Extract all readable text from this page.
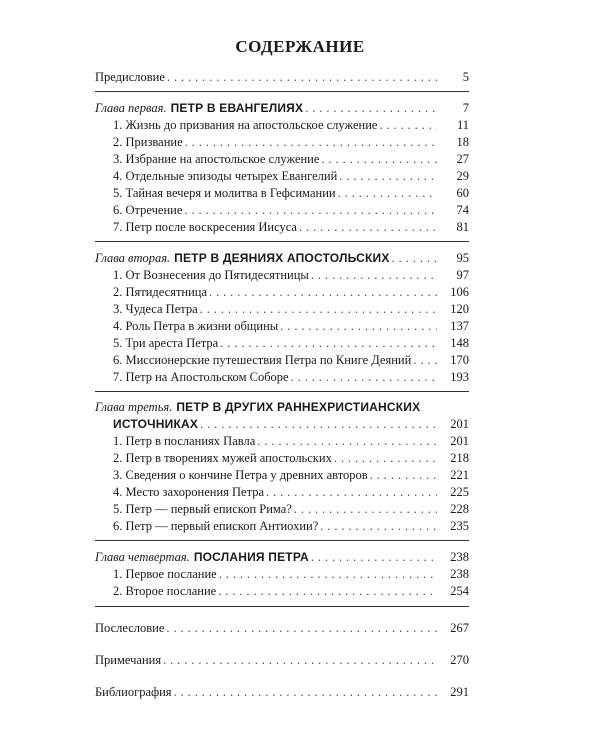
СОДЕРЖАНИЕ
Предисловие . . .	5
Глава первая. ПЕТР В ЕВАНГЕЛИЯХ . . .	7
1. Жизнь до призвания на апостольское служение . . .	11
2. Призвание . . .	18
3. Избрание на апостольское служение . . .	27
4. Отдельные эпизоды четырех Евангелий . . .	29
5. Тайная вечеря и молитва в Гефсимании . . .	60
6. Отречение . . .	74
7. Петр после воскресения Иисуса . . .	81
Глава вторая. ПЕТР В ДЕЯНИЯХ АПОСТОЛЬСКИХ . . .	95
1. От Вознесения до Пятидесятницы . . .	97
2. Пятидесятница . . .	106
3. Чудеса Петра . . .	120
4. Роль Петра в жизни общины . . .	137
5. Три ареста Петра . . .	148
6. Миссионерские путешествия Петра по Книге Деяний . . .	170
7. Петр на Апостольском Соборе . . .	193
Глава третья. ПЕТР В ДРУГИХ РАННЕХРИСТИАНСКИХ
ИСТОЧНИКАХ . . .	201
1. Петр в посланиях Павла . . .	201
2. Петр в творениях мужей апостольских . . .	218
3. Сведения о кончине Петра у древних авторов . . .	221
4. Место захоронения Петра . . .	225
5. Петр — первый епископ Рима? . . .	228
6. Петр — первый епископ Антиохии? . . .	235
Глава четвертая. ПОСЛАНИЯ ПЕТРА . . .	238
1. Первое послание . . .	238
2. Второе послание . . .	254
Послесловие . . .	267
Примечания . . .	270
Библиография . . .	291
